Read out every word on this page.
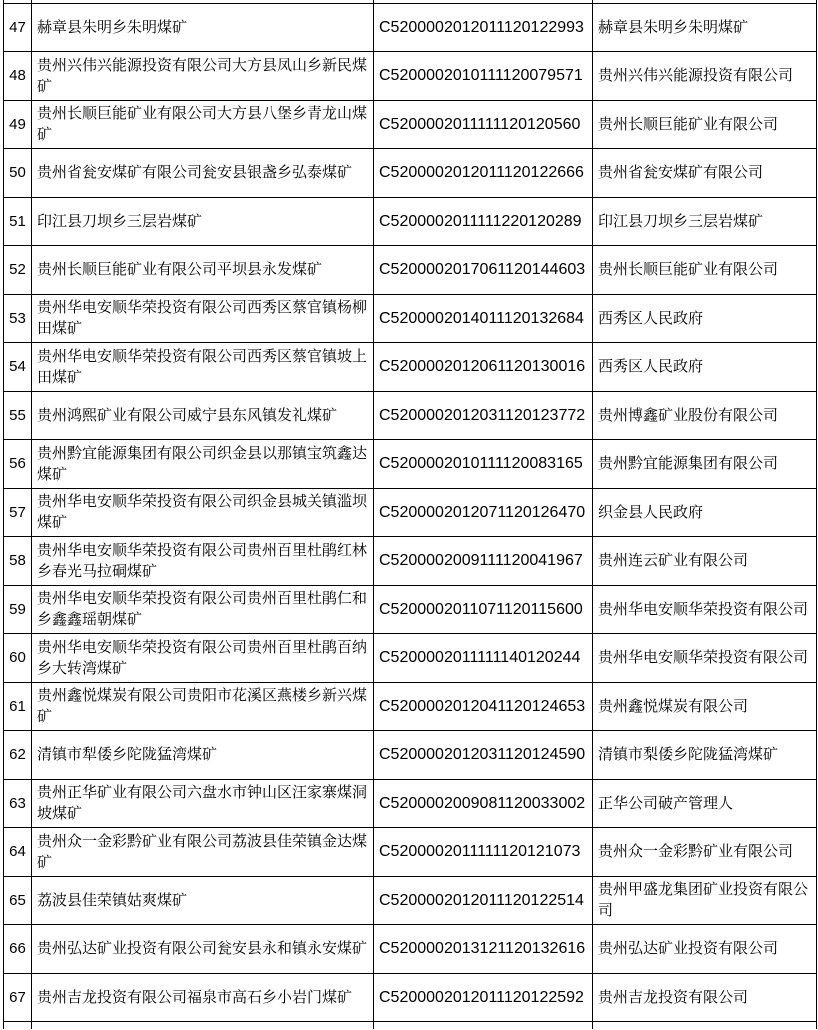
47	赫章县朱明乡朱明煤矿	C5200002012011120122993	赫章县朱明乡朱明煤矿
48	贵州兴伟兴能源投资有限公司大方县凤山乡新民煤矿	C5200002010111120079571	贵州兴伟兴能源投资有限公司
49	贵州长顺巨能矿业有限公司大方县八堡乡青龙山煤矿	C5200002011111120120560	贵州长顺巨能矿业有限公司
50	贵州省瓮安煤矿有限公司瓮安县银盏乡弘泰煤矿	C5200002012011120122666	贵州省瓮安煤矿有限公司
51	印江县刀坝乡三层岩煤矿	C5200002011111220120289	印江县刀坝乡三层岩煤矿
52	贵州长顺巨能矿业有限公司平坝县永发煤矿	C5200002017061120144603	贵州长顺巨能矿业有限公司
53	贵州华电安顺华荣投资有限公司西秀区蔡官镇杨柳田煤矿	C5200002014011120132684	西秀区人民政府
54	贵州华电安顺华荣投资有限公司西秀区蔡官镇坡上田煤矿	C5200002012061120130016	西秀区人民政府
55	贵州鸿熙矿业有限公司威宁县东风镇发礼煤矿	C5200002012031120123772	贵州博鑫矿业股份有限公司
56	贵州黔宜能源集团有限公司织金县以那镇宝筑鑫达煤矿	C5200002010111120083165	贵州黔宜能源集团有限公司
57	贵州华电安顺华荣投资有限公司织金县城关镇滥坝煤矿	C5200002012071120126470	织金县人民政府
58	贵州华电安顺华荣投资有限公司贵州百里杜鹃红林乡春光马拉硐煤矿	C5200002009111120041967	贵州连云矿业有限公司
59	贵州华电安顺华荣投资有限公司贵州百里杜鹃仁和乡鑫鑫瑶朝煤矿	C5200002011071120115600	贵州华电安顺华荣投资有限公司
60	贵州华电安顺华荣投资有限公司贵州百里杜鹃百纳乡大转湾煤矿	C5200002011111140120244	贵州华电安顺华荣投资有限公司
61	贵州鑫悦煤炭有限公司贵阳市花溪区燕楼乡新兴煤矿	C5200002012041120124653	贵州鑫悦煤炭有限公司
62	清镇市犁倭乡陀陇猛湾煤矿	C5200002012031120124590	清镇市梨倭乡陀陇猛湾煤矿
63	贵州正华矿业有限公司六盘水市钟山区汪家寨煤洞坡煤矿	C5200002009081120033002	正华公司破产管理人
64	贵州众一金彩黔矿业有限公司荔波县佳荣镇金达煤矿	C5200002011111120121073	贵州众一金彩黔矿业有限公司
65	荔波县佳荣镇姑爽煤矿	C5200002012011120122514	贵州甲盛龙集团矿业投资有限公司
66	贵州弘达矿业投资有限公司瓮安县永和镇永安煤矿	C5200002013121120132616	贵州弘达矿业投资有限公司
67	贵州吉龙投资有限公司福泉市高石乡小岩门煤矿	C5200002012011120122592	贵州吉龙投资有限公司
